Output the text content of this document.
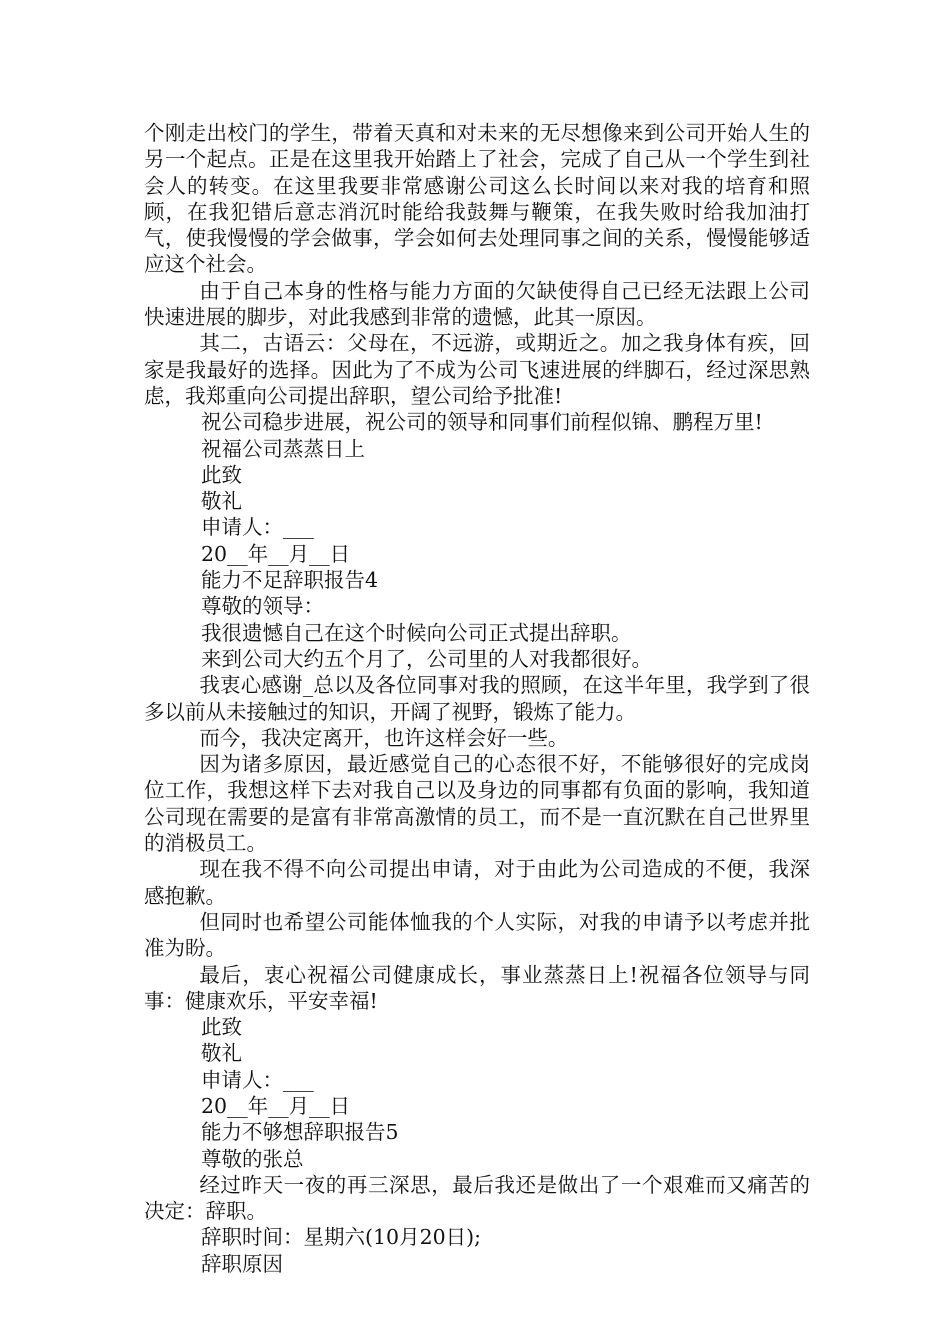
个刚走出校门的学生，带着天真和对未来的无尽想像来到公司开始人生的另一个起点。正是在这里我开始踏上了社会，完成了自己从一个学生到社会人的转变。在这里我要非常感谢公司这么长时间以来对我的培育和照顾，在我犯错后意志消沉时能给我鼓舞与鞭策，在我失败时给我加油打气，使我慢慢的学会做事，学会如何去处理同事之间的关系，慢慢能够适应这个社会。

由于自己本身的性格与能力方面的欠缺使得自己已经无法跟上公司快速进展的脚步，对此我感到非常的遗憾，此其一原因。

其二，古语云：父母在，不远游，或期近之。加之我身体有疾，回家是我最好的选择。因此为了不成为公司飞速进展的绊脚石，经过深思熟虑，我郑重向公司提出辞职，望公司给予批准!

祝公司稳步进展，祝公司的领导和同事们前程似锦、鹏程万里!

祝福公司蒸蒸日上

此致

敬礼

申请人：___

20__年__月__日

能力不足辞职报告4

尊敬的领导：

我很遗憾自己在这个时候向公司正式提出辞职。

来到公司大约五个月了，公司里的人对我都很好。

我衷心感谢_总以及各位同事对我的照顾，在这半年里，我学到了很多以前从未接触过的知识，开阔了视野，锻炼了能力。

而今，我决定离开，也许这样会好一些。

因为诸多原因，最近感觉自己的心态很不好，不能够很好的完成岗位工作，我想这样下去对我自己以及身边的同事都有负面的影响，我知道公司现在需要的是富有非常高激情的员工，而不是一直沉默在自己世界里的消极员工。

现在我不得不向公司提出申请，对于由此为公司造成的不便，我深感抱歉。

但同时也希望公司能体恤我的个人实际，对我的申请予以考虑并批准为盼。

最后，衷心祝福公司健康成长，事业蒸蒸日上!祝福各位领导与同事：健康欢乐，平安幸福!

此致

敬礼

申请人：___

20__年__月__日

能力不够想辞职报告5

尊敬的张总

经过昨天一夜的再三深思，最后我还是做出了一个艰难而又痛苦的决定：辞职。

辞职时间：星期六(10月20日);

辞职原因
